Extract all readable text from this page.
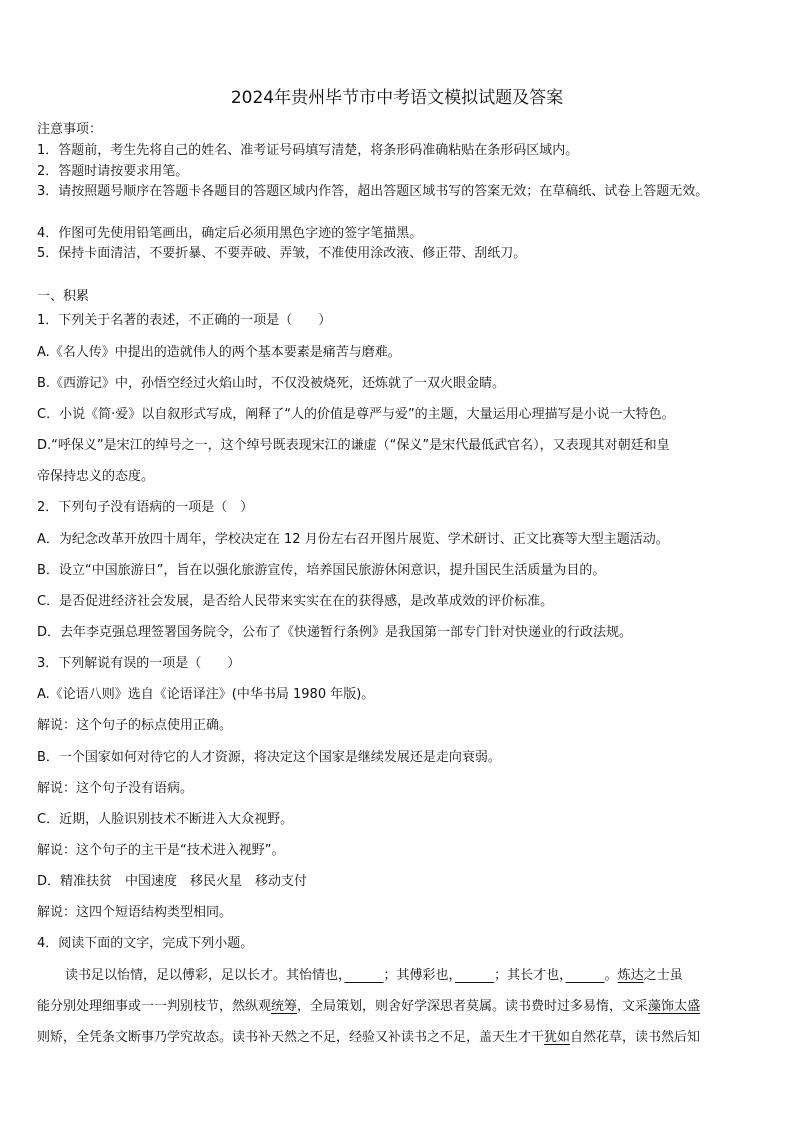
2024年贵州毕节市中考语文模拟试题及答案
注意事项：
1．答题前，考生先将自己的姓名、准考证号码填写清楚，将条形码准确粘贴在条形码区域内。
2．答题时请按要求用笔。
3．请按照题号顺序在答题卡各题目的答题区域内作答，超出答题区域书写的答案无效；在草稿纸、试卷上答题无效。
4．作图可先使用铅笔画出，确定后必须用黑色字迹的签字笔描黑。
5．保持卡面清洁，不要折暴、不要弄破、弄皱，不准使用涂改液、修正带、刮纸刀。
一、积累
1．下列关于名著的表述，不正确的一项是（　　）
A.《名人传》中提出的造就伟人的两个基本要素是痛苦与磨难。
B.《西游记》中，孙悟空经过火焰山时，不仅没被烧死，还炼就了一双火眼金睛。
C．小说《简·爱》以自叙形式写成，阐释了“人的价值是尊严与爱”的主题，大量运用心理描写是小说一大特色。
D.“呼保义”是宋江的绰号之一，这个绰号既表现宋江的谦虚（“保义”是宋代最低武官名），又表现其对朝廷和皇
帝保持忠义的态度。
2．下列句子没有语病的一项是（　）
A．为纪念改革开放四十周年，学校决定在 12 月份左右召开图片展览、学术研讨、正文比赛等大型主题活动。
B．设立“中国旅游日”，旨在以强化旅游宣传，培养国民旅游休闲意识，提升国民生活质量为目的。
C．是否促进经济社会发展，是否给人民带来实实在在的获得感，是改革成效的评价标准。
D．去年李克强总理签署国务院令，公布了《快递暂行条例》是我国第一部专门针对快递业的行政法规。
3．下列解说有误的一项是（　　）
A.《论语八则》选自《论语译注》(中华书局 1980 年版)。
解说：这个句子的标点使用正确。
B．一个国家如何对待它的人才资源，将决定这个国家是继续发展还是走向衰弱。
解说：这个句子没有语病。
C．近期，人脸识别技术不断进入大众视野。
解说：这个句子的主干是“技术进入视野”。
D．精准扶贫　中国速度　移民火星　移动支付
解说：这四个短语结构类型相同。
4．阅读下面的文字，完成下列小题。
读书足以怡情，足以傅彩，足以长才。其怡情也，　　　	；其傅彩也，　　　	；其长才也，　　　	。炼达之士虽
能分别处理细事或一一判别枝节，然纵观统筹，全局策划，则舍好学深思者莫属。读书费时过多易惰，文采藻饰太盛
则矫，全凭条文断事乃学究故态。读书补天然之不足，经验又补读书之不足，盖天生才干犹如自然花草，读书然后知
